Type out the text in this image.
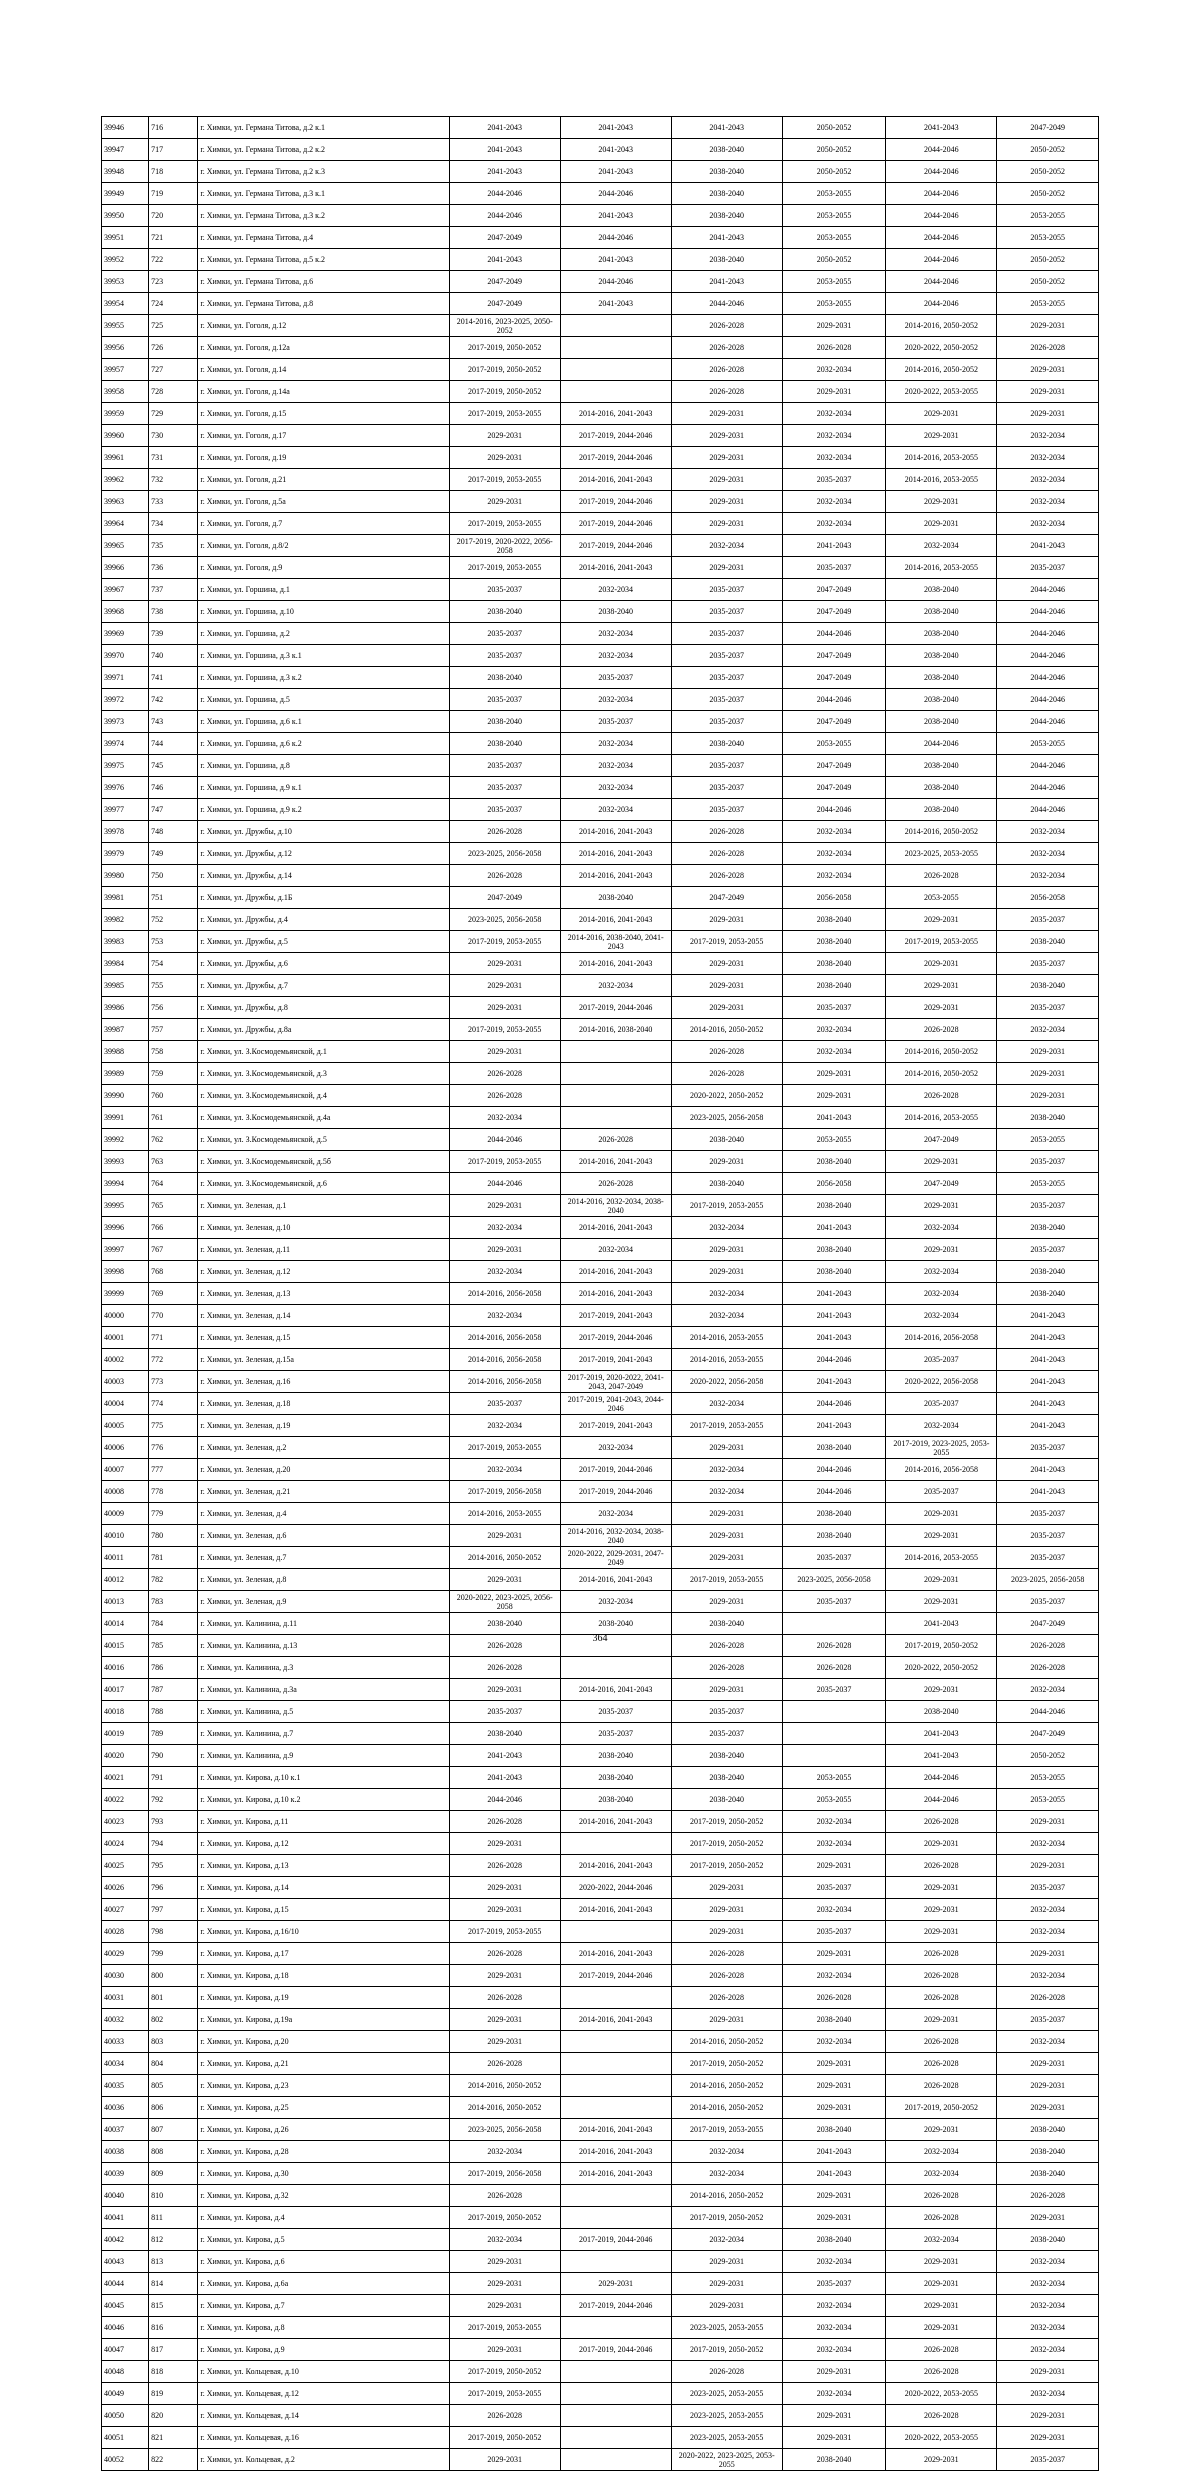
39946	716	г. Химки, ул. Германа Титова, д.2 к.1	2041-2043	2041-2043	2041-2043	2050-2052	2041-2043	2047-2049
39947	717	г. Химки, ул. Германа Титова, д.2 к.2	2041-2043	2041-2043	2038-2040	2050-2052	2044-2046	2050-2052
39948	718	г. Химки, ул. Германа Титова, д.2 к.3	2041-2043	2041-2043	2038-2040	2050-2052	2044-2046	2050-2052
39949	719	г. Химки, ул. Германа Титова, д.3 к.1	2044-2046	2044-2046	2038-2040	2053-2055	2044-2046	2050-2052
39950	720	г. Химки, ул. Германа Титова, д.3 к.2	2044-2046	2041-2043	2038-2040	2053-2055	2044-2046	2053-2055
39951	721	г. Химки, ул. Германа Титова, д.4	2047-2049	2044-2046	2041-2043	2053-2055	2044-2046	2053-2055
39952	722	г. Химки, ул. Германа Титова, д.5 к.2	2041-2043	2041-2043	2038-2040	2050-2052	2044-2046	2050-2052
39953	723	г. Химки, ул. Германа Титова, д.6	2047-2049	2044-2046	2041-2043	2053-2055	2044-2046	2050-2052
39954	724	г. Химки, ул. Германа Титова, д.8	2047-2049	2041-2043	2044-2046	2053-2055	2044-2046	2053-2055
39955	725	г. Химки, ул. Гоголя, д.12	2014-2016, 2023-2025, 2050-2052		2026-2028	2029-2031	2014-2016, 2050-2052	2029-2031
39956	726	г. Химки, ул. Гоголя, д.12а	2017-2019, 2050-2052		2026-2028	2026-2028	2020-2022, 2050-2052	2026-2028
39957	727	г. Химки, ул. Гоголя, д.14	2017-2019, 2050-2052		2026-2028	2032-2034	2014-2016, 2050-2052	2029-2031
39958	728	г. Химки, ул. Гоголя, д.14а	2017-2019, 2050-2052		2026-2028	2029-2031	2020-2022, 2053-2055	2029-2031
39959	729	г. Химки, ул. Гоголя, д.15	2017-2019, 2053-2055	2014-2016, 2041-2043	2029-2031	2032-2034	2029-2031	2029-2031
39960	730	г. Химки, ул. Гоголя, д.17	2029-2031	2017-2019, 2044-2046	2029-2031	2032-2034	2029-2031	2032-2034
39961	731	г. Химки, ул. Гоголя, д.19	2029-2031	2017-2019, 2044-2046	2029-2031	2032-2034	2014-2016, 2053-2055	2032-2034
39962	732	г. Химки, ул. Гоголя, д.21	2017-2019, 2053-2055	2014-2016, 2041-2043	2029-2031	2035-2037	2014-2016, 2053-2055	2032-2034
39963	733	г. Химки, ул. Гоголя, д.5а	2029-2031	2017-2019, 2044-2046	2029-2031	2032-2034	2029-2031	2032-2034
39964	734	г. Химки, ул. Гоголя, д.7	2017-2019, 2053-2055	2017-2019, 2044-2046	2029-2031	2032-2034	2029-2031	2032-2034
39965	735	г. Химки, ул. Гоголя, д.8/2	2017-2019, 2020-2022, 2056-2058	2017-2019, 2044-2046	2032-2034	2041-2043	2032-2034	2041-2043
39966	736	г. Химки, ул. Гоголя, д.9	2017-2019, 2053-2055	2014-2016, 2041-2043	2029-2031	2035-2037	2014-2016, 2053-2055	2035-2037
39967	737	г. Химки, ул. Горшина, д.1	2035-2037	2032-2034	2035-2037	2047-2049	2038-2040	2044-2046
39968	738	г. Химки, ул. Горшина, д.10	2038-2040	2038-2040	2035-2037	2047-2049	2038-2040	2044-2046
39969	739	г. Химки, ул. Горшина, д.2	2035-2037	2032-2034	2035-2037	2044-2046	2038-2040	2044-2046
39970	740	г. Химки, ул. Горшина, д.3 к.1	2035-2037	2032-2034	2035-2037	2047-2049	2038-2040	2044-2046
39971	741	г. Химки, ул. Горшина, д.3 к.2	2038-2040	2035-2037	2035-2037	2047-2049	2038-2040	2044-2046
39972	742	г. Химки, ул. Горшина, д.5	2035-2037	2032-2034	2035-2037	2044-2046	2038-2040	2044-2046
39973	743	г. Химки, ул. Горшина, д.6 к.1	2038-2040	2035-2037	2035-2037	2047-2049	2038-2040	2044-2046
39974	744	г. Химки, ул. Горшина, д.6 к.2	2038-2040	2032-2034	2038-2040	2053-2055	2044-2046	2053-2055
39975	745	г. Химки, ул. Горшина, д.8	2035-2037	2032-2034	2035-2037	2047-2049	2038-2040	2044-2046
39976	746	г. Химки, ул. Горшина, д.9 к.1	2035-2037	2032-2034	2035-2037	2047-2049	2038-2040	2044-2046
39977	747	г. Химки, ул. Горшина, д.9 к.2	2035-2037	2032-2034	2035-2037	2044-2046	2038-2040	2044-2046
39978	748	г. Химки, ул. Дружбы, д.10	2026-2028	2014-2016, 2041-2043	2026-2028	2032-2034	2014-2016, 2050-2052	2032-2034
39979	749	г. Химки, ул. Дружбы, д.12	2023-2025, 2056-2058	2014-2016, 2041-2043	2026-2028	2032-2034	2023-2025, 2053-2055	2032-2034
39980	750	г. Химки, ул. Дружбы, д.14	2026-2028	2014-2016, 2041-2043	2026-2028	2032-2034	2026-2028	2032-2034
39981	751	г. Химки, ул. Дружбы, д.1Б	2047-2049	2038-2040	2047-2049	2056-2058	2053-2055	2056-2058
39982	752	г. Химки, ул. Дружбы, д.4	2023-2025, 2056-2058	2014-2016, 2041-2043	2029-2031	2038-2040	2029-2031	2035-2037
39983	753	г. Химки, ул. Дружбы, д.5	2017-2019, 2053-2055	2014-2016, 2038-2040, 2041-2043	2017-2019, 2053-2055	2038-2040	2017-2019, 2053-2055	2038-2040
39984	754	г. Химки, ул. Дружбы, д.6	2029-2031	2014-2016, 2041-2043	2029-2031	2038-2040	2029-2031	2035-2037
39985	755	г. Химки, ул. Дружбы, д.7	2029-2031	2032-2034	2029-2031	2038-2040	2029-2031	2038-2040
39986	756	г. Химки, ул. Дружбы, д.8	2029-2031	2017-2019, 2044-2046	2029-2031	2035-2037	2029-2031	2035-2037
39987	757	г. Химки, ул. Дружбы, д.8а	2017-2019, 2053-2055	2014-2016, 2038-2040	2014-2016, 2050-2052	2032-2034	2026-2028	2032-2034
39988	758	г. Химки, ул. З.Космодемьянской, д.1	2029-2031		2026-2028	2032-2034	2014-2016, 2050-2052	2029-2031
39989	759	г. Химки, ул. З.Космодемьянской, д.3	2026-2028		2026-2028	2029-2031	2014-2016, 2050-2052	2029-2031
39990	760	г. Химки, ул. З.Космодемьянской, д.4	2026-2028		2020-2022, 2050-2052	2029-2031	2026-2028	2029-2031
39991	761	г. Химки, ул. З.Космодемьянской, д.4а	2032-2034		2023-2025, 2056-2058	2041-2043	2014-2016, 2053-2055	2038-2040
39992	762	г. Химки, ул. З.Космодемьянской, д.5	2044-2046	2026-2028	2038-2040	2053-2055	2047-2049	2053-2055
39993	763	г. Химки, ул. З.Космодемьянской, д.5б	2017-2019, 2053-2055	2014-2016, 2041-2043	2029-2031	2038-2040	2029-2031	2035-2037
39994	764	г. Химки, ул. З.Космодемьянской, д.6	2044-2046	2026-2028	2038-2040	2056-2058	2047-2049	2053-2055
39995	765	г. Химки, ул. Зеленая, д.1	2029-2031	2014-2016, 2032-2034, 2038-2040	2017-2019, 2053-2055	2038-2040	2029-2031	2035-2037
39996	766	г. Химки, ул. Зеленая, д.10	2032-2034	2014-2016, 2041-2043	2032-2034	2041-2043	2032-2034	2038-2040
39997	767	г. Химки, ул. Зеленая, д.11	2029-2031	2032-2034	2029-2031	2038-2040	2029-2031	2035-2037
39998	768	г. Химки, ул. Зеленая, д.12	2032-2034	2014-2016, 2041-2043	2029-2031	2038-2040	2032-2034	2038-2040
39999	769	г. Химки, ул. Зеленая, д.13	2014-2016, 2056-2058	2014-2016, 2041-2043	2032-2034	2041-2043	2032-2034	2038-2040
40000	770	г. Химки, ул. Зеленая, д.14	2032-2034	2017-2019, 2041-2043	2032-2034	2041-2043	2032-2034	2041-2043
40001	771	г. Химки, ул. Зеленая, д.15	2014-2016, 2056-2058	2017-2019, 2044-2046	2014-2016, 2053-2055	2041-2043	2014-2016, 2056-2058	2041-2043
40002	772	г. Химки, ул. Зеленая, д.15а	2014-2016, 2056-2058	2017-2019, 2041-2043	2014-2016, 2053-2055	2044-2046	2035-2037	2041-2043
40003	773	г. Химки, ул. Зеленая, д.16	2014-2016, 2056-2058	2017-2019, 2020-2022, 2041-2043, 2047-2049	2020-2022, 2056-2058	2041-2043	2020-2022, 2056-2058	2041-2043
40004	774	г. Химки, ул. Зеленая, д.18	2035-2037	2017-2019, 2041-2043, 2044-2046	2032-2034	2044-2046	2035-2037	2041-2043
40005	775	г. Химки, ул. Зеленая, д.19	2032-2034	2017-2019, 2041-2043	2017-2019, 2053-2055	2041-2043	2032-2034	2041-2043
40006	776	г. Химки, ул. Зеленая, д.2	2017-2019, 2053-2055	2032-2034	2029-2031	2038-2040	2017-2019, 2023-2025, 2053-2055	2035-2037
40007	777	г. Химки, ул. Зеленая, д.20	2032-2034	2017-2019, 2044-2046	2032-2034	2044-2046	2014-2016, 2056-2058	2041-2043
40008	778	г. Химки, ул. Зеленая, д.21	2017-2019, 2056-2058	2017-2019, 2044-2046	2032-2034	2044-2046	2035-2037	2041-2043
40009	779	г. Химки, ул. Зеленая, д.4	2014-2016, 2053-2055	2032-2034	2029-2031	2038-2040	2029-2031	2035-2037
40010	780	г. Химки, ул. Зеленая, д.6	2029-2031	2014-2016, 2032-2034, 2038-2040	2029-2031	2038-2040	2029-2031	2035-2037
40011	781	г. Химки, ул. Зеленая, д.7	2014-2016, 2050-2052	2020-2022, 2029-2031, 2047-2049	2029-2031	2035-2037	2014-2016, 2053-2055	2035-2037
40012	782	г. Химки, ул. Зеленая, д.8	2029-2031	2014-2016, 2041-2043	2017-2019, 2053-2055	2023-2025, 2056-2058	2029-2031	2023-2025, 2056-2058
40013	783	г. Химки, ул. Зеленая, д.9	2020-2022, 2023-2025, 2056-2058	2032-2034	2029-2031	2035-2037	2029-2031	2035-2037
40014	784	г. Химки, ул. Калинина, д.11	2038-2040	2038-2040	2038-2040		2041-2043	2047-2049
40015	785	г. Химки, ул. Калинина, д.13	2026-2028		2026-2028	2026-2028	2017-2019, 2050-2052	2026-2028
40016	786	г. Химки, ул. Калинина, д.3	2026-2028		2026-2028	2026-2028	2020-2022, 2050-2052	2026-2028
40017	787	г. Химки, ул. Калинина, д.3а	2029-2031	2014-2016, 2041-2043	2029-2031	2035-2037	2029-2031	2032-2034
40018	788	г. Химки, ул. Калинина, д.5	2035-2037	2035-2037	2035-2037		2038-2040	2044-2046
40019	789	г. Химки, ул. Калинина, д.7	2038-2040	2035-2037	2035-2037		2041-2043	2047-2049
40020	790	г. Химки, ул. Калинина, д.9	2041-2043	2038-2040	2038-2040		2041-2043	2050-2052
40021	791	г. Химки, ул. Кирова, д.10 к.1	2041-2043	2038-2040	2038-2040	2053-2055	2044-2046	2053-2055
40022	792	г. Химки, ул. Кирова, д.10 к.2	2044-2046	2038-2040	2038-2040	2053-2055	2044-2046	2053-2055
40023	793	г. Химки, ул. Кирова, д.11	2026-2028	2014-2016, 2041-2043	2017-2019, 2050-2052	2032-2034	2026-2028	2029-2031
40024	794	г. Химки, ул. Кирова, д.12	2029-2031		2017-2019, 2050-2052	2032-2034	2029-2031	2032-2034
40025	795	г. Химки, ул. Кирова, д.13	2026-2028	2014-2016, 2041-2043	2017-2019, 2050-2052	2029-2031	2026-2028	2029-2031
40026	796	г. Химки, ул. Кирова, д.14	2029-2031	2020-2022, 2044-2046	2029-2031	2035-2037	2029-2031	2035-2037
40027	797	г. Химки, ул. Кирова, д.15	2029-2031	2014-2016, 2041-2043	2029-2031	2032-2034	2029-2031	2032-2034
40028	798	г. Химки, ул. Кирова, д.16/10	2017-2019, 2053-2055		2029-2031	2035-2037	2029-2031	2032-2034
40029	799	г. Химки, ул. Кирова, д.17	2026-2028	2014-2016, 2041-2043	2026-2028	2029-2031	2026-2028	2029-2031
40030	800	г. Химки, ул. Кирова, д.18	2029-2031	2017-2019, 2044-2046	2026-2028	2032-2034	2026-2028	2032-2034
40031	801	г. Химки, ул. Кирова, д.19	2026-2028		2026-2028	2026-2028	2026-2028	2026-2028
40032	802	г. Химки, ул. Кирова, д.19а	2029-2031	2014-2016, 2041-2043	2029-2031	2038-2040	2029-2031	2035-2037
40033	803	г. Химки, ул. Кирова, д.20	2029-2031		2014-2016, 2050-2052	2032-2034	2026-2028	2032-2034
40034	804	г. Химки, ул. Кирова, д.21	2026-2028		2017-2019, 2050-2052	2029-2031	2026-2028	2029-2031
40035	805	г. Химки, ул. Кирова, д.23	2014-2016, 2050-2052		2014-2016, 2050-2052	2029-2031	2026-2028	2029-2031
40036	806	г. Химки, ул. Кирова, д.25	2014-2016, 2050-2052		2014-2016, 2050-2052	2029-2031	2017-2019, 2050-2052	2029-2031
40037	807	г. Химки, ул. Кирова, д.26	2023-2025, 2056-2058	2014-2016, 2041-2043	2017-2019, 2053-2055	2038-2040	2029-2031	2038-2040
40038	808	г. Химки, ул. Кирова, д.28	2032-2034	2014-2016, 2041-2043	2032-2034	2041-2043	2032-2034	2038-2040
40039	809	г. Химки, ул. Кирова, д.30	2017-2019, 2056-2058	2014-2016, 2041-2043	2032-2034	2041-2043	2032-2034	2038-2040
40040	810	г. Химки, ул. Кирова, д.32	2026-2028		2014-2016, 2050-2052	2029-2031	2026-2028	2026-2028
40041	811	г. Химки, ул. Кирова, д.4	2017-2019, 2050-2052		2017-2019, 2050-2052	2029-2031	2026-2028	2029-2031
40042	812	г. Химки, ул. Кирова, д.5	2032-2034	2017-2019, 2044-2046	2032-2034	2038-2040	2032-2034	2038-2040
40043	813	г. Химки, ул. Кирова, д.6	2029-2031		2029-2031	2032-2034	2029-2031	2032-2034
40044	814	г. Химки, ул. Кирова, д.6а	2029-2031	2029-2031	2029-2031	2035-2037	2029-2031	2032-2034
40045	815	г. Химки, ул. Кирова, д.7	2029-2031	2017-2019, 2044-2046	2029-2031	2032-2034	2029-2031	2032-2034
40046	816	г. Химки, ул. Кирова, д.8	2017-2019, 2053-2055		2023-2025, 2053-2055	2032-2034	2029-2031	2032-2034
40047	817	г. Химки, ул. Кирова, д.9	2029-2031	2017-2019, 2044-2046	2017-2019, 2050-2052	2032-2034	2026-2028	2032-2034
40048	818	г. Химки, ул. Кольцевая, д.10	2017-2019, 2050-2052		2026-2028	2029-2031	2026-2028	2029-2031
40049	819	г. Химки, ул. Кольцевая, д.12	2017-2019, 2053-2055		2023-2025, 2053-2055	2032-2034	2020-2022, 2053-2055	2032-2034
40050	820	г. Химки, ул. Кольцевая, д.14	2026-2028		2023-2025, 2053-2055	2029-2031	2026-2028	2029-2031
40051	821	г. Химки, ул. Кольцевая, д.16	2017-2019, 2050-2052		2023-2025, 2053-2055	2029-2031	2020-2022, 2053-2055	2029-2031
40052	822	г. Химки, ул. Кольцевая, д.2	2029-2031		2020-2022, 2023-2025, 2053-2055	2038-2040	2029-2031	2035-2037
364
